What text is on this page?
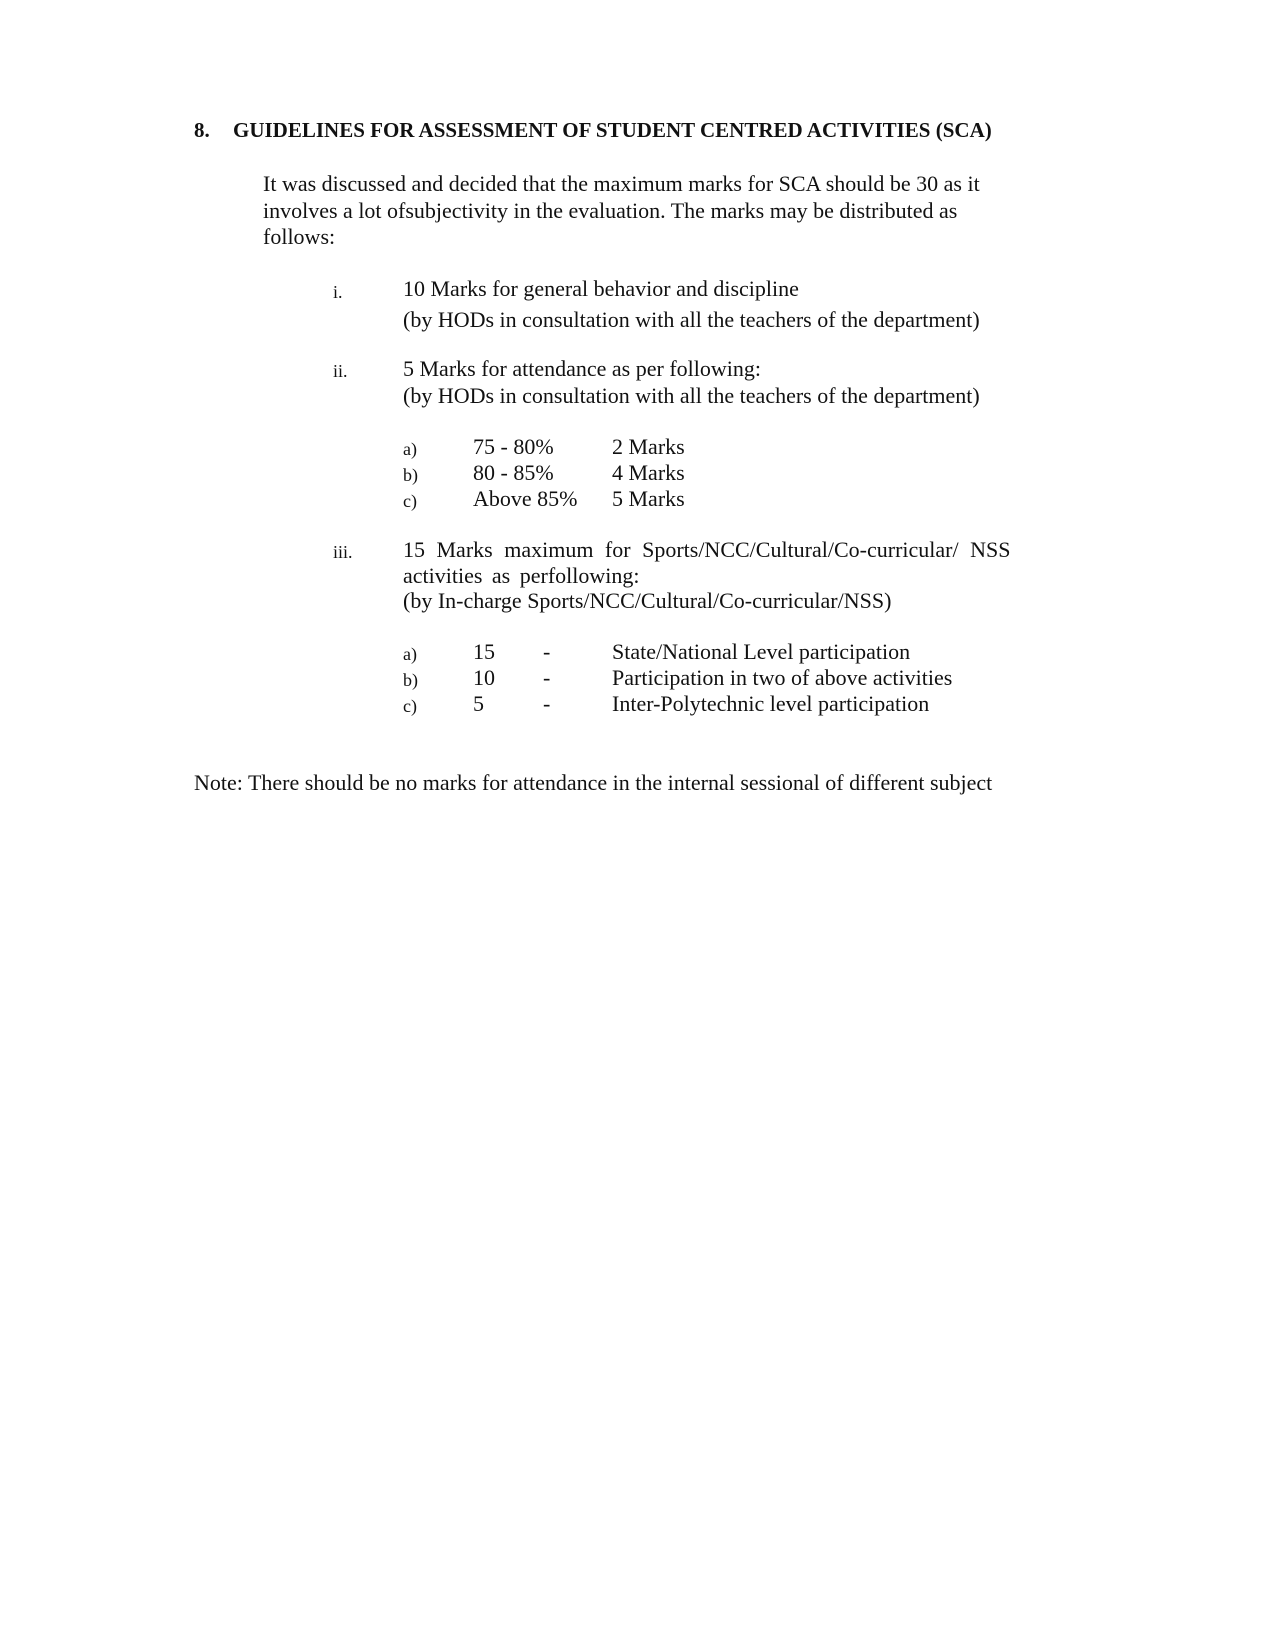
8. GUIDELINES FOR ASSESSMENT OF STUDENT CENTRED ACTIVITIES (SCA)
It was discussed and decided that the maximum marks for SCA should be 30 as it
involves a lot ofsubjectivity in the evaluation. The marks may be distributed as
follows:
i.	10 Marks for general behavior and discipline
(by HODs in consultation with all the teachers of the department)
ii.	5 Marks for attendance as per following:
(by HODs in consultation with all the teachers of the department)
a)	75 - 80%	2 Marks
b)	80 - 85%	4 Marks
c)	Above 85% 5 Marks
iii. 15 Marks maximum for Sports/NCC/Cultural/Co-curricular/ NSS
activities as perfollowing:
(by In-charge Sports/NCC/Cultural/Co-curricular/NSS)
a)	15 -	State/National Level participation
b)	10 -	Participation in two of above activities
c)	5	-	Inter-Polytechnic level participation
Note: There should be no marks for attendance in the internal sessional of different subject
